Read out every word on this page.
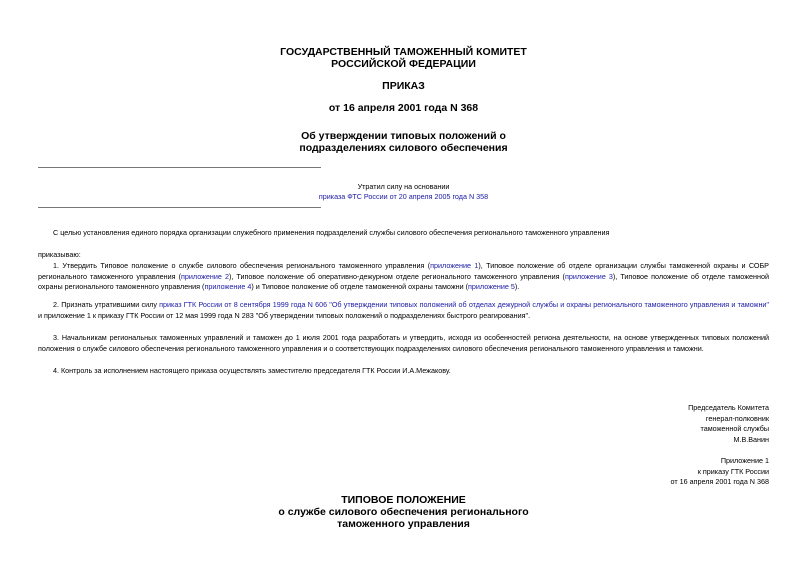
ГОСУДАРСТВЕННЫЙ ТАМОЖЕННЫЙ КОМИТЕТ
РОССИЙСКОЙ ФЕДЕРАЦИИ
ПРИКАЗ
от 16 апреля 2001 года N 368
Об утверждении типовых положений о
подразделениях силового обеспечения
Утратил силу на основании
приказа ФТС России от 20 апреля 2005 года N 358
С целью установления единого порядка организации служебного применения подразделений службы силового обеспечения регионального таможенного управления
приказываю:
1. Утвердить Типовое положение о службе силового обеспечения регионального таможенного управления (приложение 1), Типовое положение об отделе организации службы таможенной охраны и СОБР регионального таможенного управления (приложение 2), Типовое положение об оперативно-дежурном отделе регионального таможенного управления (приложение 3), Типовое положение об отделе таможенной охраны регионального таможенного управления (приложение 4) и Типовое положение об отделе таможенной охраны таможни (приложение 5).
2. Признать утратившими силу приказ ГТК России от 8 сентября 1999 года N 606 "Об утверждении типовых положений об отделах дежурной службы и охраны регионального таможенного управления и таможни" и приложение 1 к приказу ГТК России от 12 мая 1999 года N 283 "Об утверждении типовых положений о подразделениях быстрого реагирования".
3. Начальникам региональных таможенных управлений и таможен до 1 июля 2001 года разработать и утвердить, исходя из особенностей региона деятельности, на основе утвержденных типовых положений положения о службе силового обеспечения регионального таможенного управления и о соответствующих подразделениях силового обеспечения регионального таможенного управления и таможни.
4. Контроль за исполнением настоящего приказа осуществлять заместителю председателя ГТК России И.А.Межакову.
Председатель Комитета
генерал-полковник
таможенной службы
М.В.Ванин
Приложение 1
к приказу ГТК России
от 16 апреля 2001 года N 368
ТИПОВОЕ ПОЛОЖЕНИЕ
о службе силового обеспечения регионального
таможенного управления
